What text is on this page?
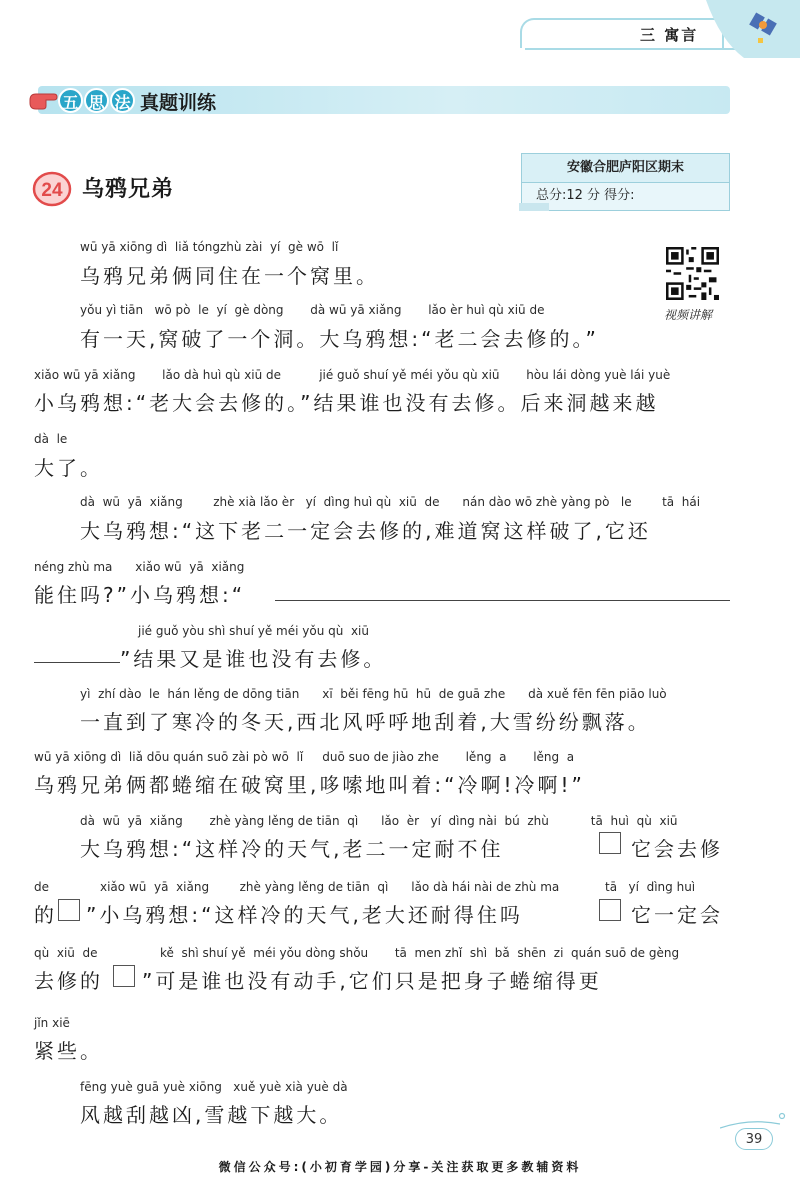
三 寓言
五 思 法 真题训练
24 乌鸦兄弟
安徽合肥庐阳区期末
总分:12 分 得分:
视频讲解
wū yā xiōng dì  liǎ tóngzhù zài  yí  gè wō  lǐ
乌鸦兄弟俩同住在一个窝里。
yǒu yì tiān   wō pò  le  yí  gè dòng       dà wū yā xiǎng       lǎo èr huì qù xiū de
有一天,窝破了一个洞。大乌鸦想:“老二会去修的。”
xiǎo wū yā xiǎng       lǎo dà huì qù xiū de          jié guǒ shuí yě méi yǒu qù xiū       hòu lái dòng yuè lái yuè
小乌鸦想:“老大会去修的。”结果谁也没有去修。后来洞越来越
dà  le
大了。
dà  wū  yā  xiǎng        zhè xià lǎo èr   yí  dìng huì qù  xiū  de      nán dào wō zhè yàng pò   le        tā  hái
大乌鸦想:“这下老二一定会去修的,难道窝这样破了,它还
néng zhù ma      xiǎo wū  yā  xiǎng
能住吗?”小乌鸦想:“
jié guǒ yòu shì shuí yě méi yǒu qù  xiū
”结果又是谁也没有去修。
yì  zhí dào  le  hán lěng de dōng tiān      xī  běi fēng hū  hū  de guā zhe      dà xuě fēn fēn piāo luò
一直到了寒冷的冬天,西北风呼呼地刮着,大雪纷纷飘落。
wū yā xiōng dì  liǎ dōu quán suō zài pò wō  lǐ     duō suo de jiào zhe       lěng  a       lěng  a
乌鸦兄弟俩都蜷缩在破窝里,哆嗦地叫着:“冷啊!冷啊!”
dà  wū  yā  xiǎng       zhè yàng lěng de tiān  qì      lǎo  èr   yí  dìng nài  bú  zhù           tā  huì  qù  xiū
大乌鸦想:“这样冷的天气,老二一定耐不住	它会去修
de	xiǎo wū  yā  xiǎng        zhè yàng lěng de tiān  qì      lǎo dà hái nài de zhù ma            tā   yí  dìng huì
的 ”小乌鸦想:“这样冷的天气,老大还耐得住吗	它一定会
qù  xiū  de	kě  shì shuí yě  méi yǒu dòng shǒu       tā  men zhǐ  shì  bǎ  shēn  zi  quán suō de gèng
去修的 ”可是谁也没有动手,它们只是把身子蜷缩得更
jǐn xiē
紧些。
fēng yuè guā yuè xiōng   xuě yuè xià yuè dà
风越刮越凶,雪越下越大。
39
微信公众号:(小初育学园)分享-关注获取更多教辅资料
